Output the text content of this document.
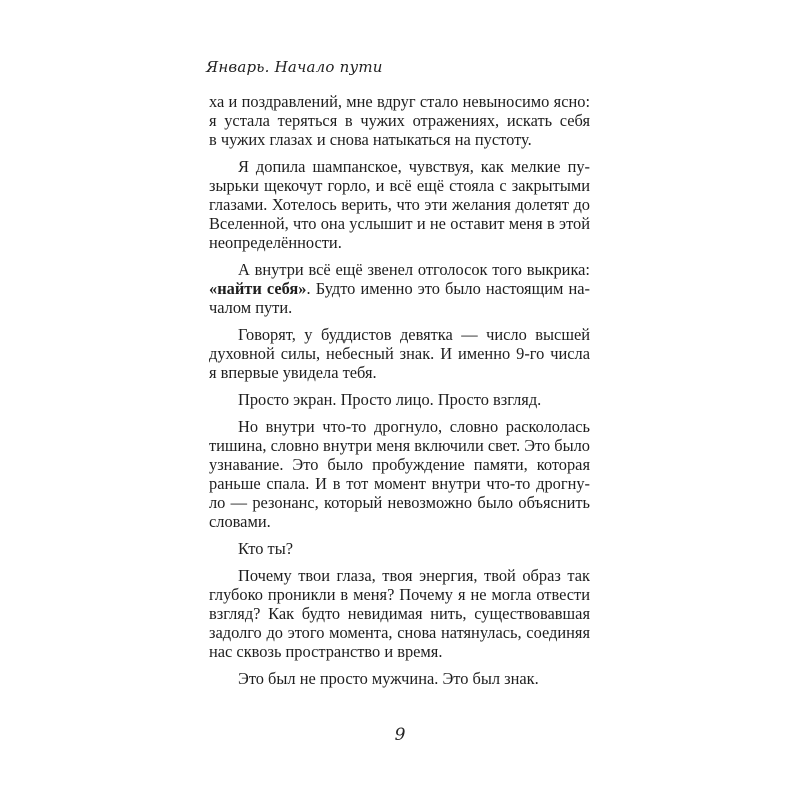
Январь. Начало пути
ха и поздравлений, мне вдруг стало невыносимо ясно:
я устала теряться в чужих отражениях, искать себя
в чужих глазах и снова натыкаться на пустоту.
Я допила шампанское, чувствуя, как мелкие пу-
зырьки щекочут горло, и всё ещё стояла с закрытыми
глазами. Хотелось верить, что эти желания долетят до
Вселенной, что она услышит и не оставит меня в этой
неопределённости.
А внутри всё ещё звенел отголосок того выкрика:
«найти себя». Будто именно это было настоящим на-
чалом пути.
Говорят, у буддистов девятка — число высшей
духовной силы, небесный знак. И именно 9-го числа
я впервые увидела тебя.
Просто экран. Просто лицо. Просто взгляд.
Но внутри что-то дрогнуло, словно раскололась
тишина, словно внутри меня включили свет. Это было
узнавание. Это было пробуждение памяти, которая
раньше спала. И в тот момент внутри что-то дрогну-
ло — резонанс, который невозможно было объяснить
словами.
Кто ты?
Почему твои глаза, твоя энергия, твой образ так
глубоко проникли в меня? Почему я не могла отвести
взгляд? Как будто невидимая нить, существовавшая
задолго до этого момента, снова натянулась, соединяя
нас сквозь пространство и время.
Это был не просто мужчина. Это был знак.
9
